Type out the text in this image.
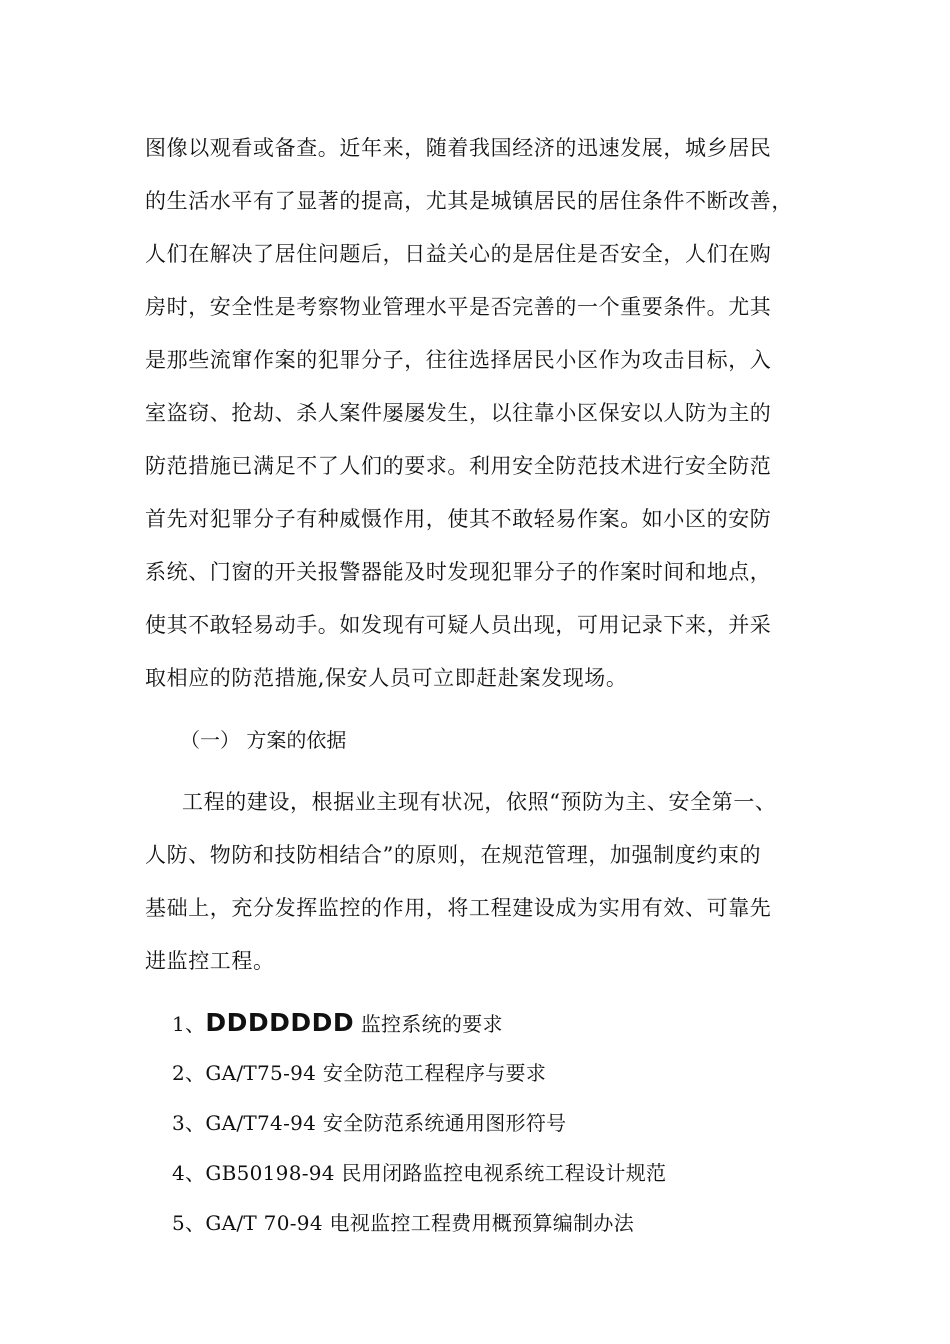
图像以观看或备查。近年来，随着我国经济的迅速发展，城乡居民
的生活水平有了显著的提高，尤其是城镇居民的居住条件不断改善，
人们在解决了居住问题后，日益关心的是居住是否安全，人们在购
房时，安全性是考察物业管理水平是否完善的一个重要条件。尤其
是那些流窜作案的犯罪分子，往往选择居民小区作为攻击目标，入
室盗窃、抢劫、杀人案件屡屡发生，以往靠小区保安以人防为主的
防范措施已满足不了人们的要求。利用安全防范技术进行安全防范
首先对犯罪分子有种威慑作用，使其不敢轻易作案。如小区的安防
系统、门窗的开关报警器能及时发现犯罪分子的作案时间和地点，
使其不敢轻易动手。如发现有可疑人员出现，可用记录下来，并采
取相应的防范措施,保安人员可立即赶赴案发现场。
（一） 方案的依据
工程的建设，根据业主现有状况，依照“预防为主、安全第一、
人防、物防和技防相结合”的原则，在规范管理，加强制度约束的
基础上，充分发挥监控的作用，将工程建设成为实用有效、可靠先
进监控工程。
1、DDDDDDD 监控系统的要求
2、GA/T75-94 安全防范工程程序与要求
3、GA/T74-94 安全防范系统通用图形符号
4、GB50198-94 民用闭路监控电视系统工程设计规范
5、GA/T 70-94 电视监控工程费用概预算编制办法
